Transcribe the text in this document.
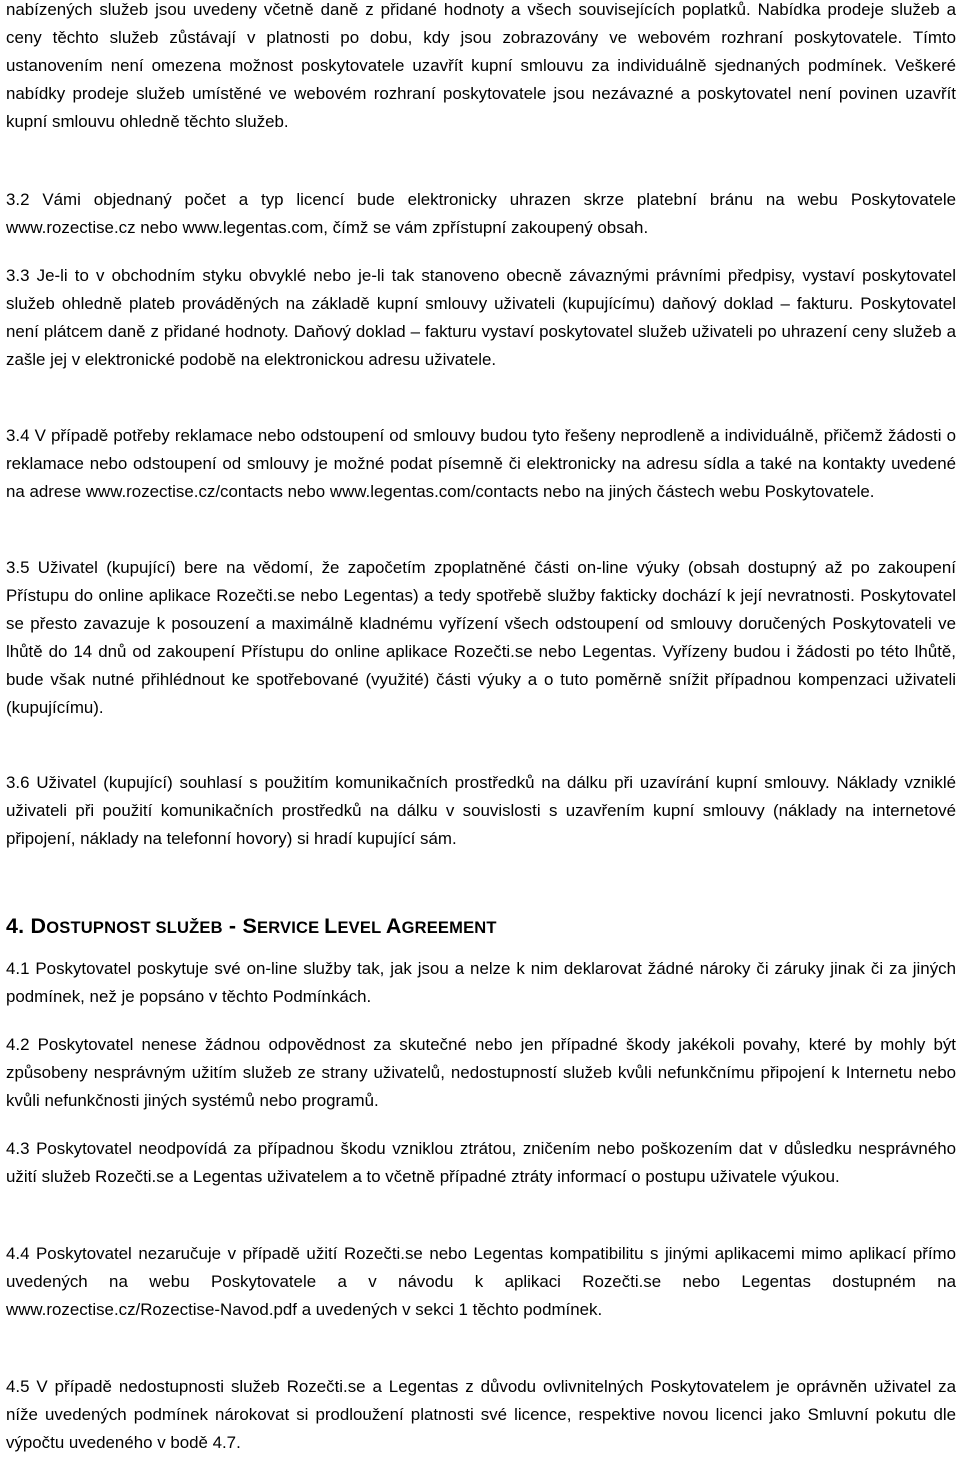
nabízených služeb jsou uvedeny včetně daně z přidané hodnoty a všech souvisejících poplatků. Nabídka prodeje služeb a ceny těchto služeb zůstávají v platnosti po dobu, kdy jsou zobrazovány ve webovém rozhraní poskytovatele. Tímto ustanovením není omezena možnost poskytovatele uzavřít kupní smlouvu za individuálně sjednaných podmínek. Veškeré nabídky prodeje služeb umístěné ve webovém rozhraní poskytovatele jsou nezávazné a poskytovatel není povinen uzavřít kupní smlouvu ohledně těchto služeb.

3.2 Vámi objednaný počet a typ licencí bude elektronicky uhrazen skrze platební bránu na webu Poskytovatele www.rozectise.cz nebo www.legentas.com, čímž se vám zpřístupní zakoupený obsah.

3.3 Je-li to v obchodním styku obvyklé nebo je-li tak stanoveno obecně závaznými právními předpisy, vystaví poskytovatel služeb ohledně plateb prováděných na základě kupní smlouvy uživateli (kupujícímu) daňový doklad – fakturu. Poskytovatel není plátcem daně z přidané hodnoty. Daňový doklad – fakturu vystaví poskytovatel služeb uživateli po uhrazení ceny služeb a zašle jej v elektronické podobě na elektronickou adresu uživatele.

3.4 V případě potřeby reklamace nebo odstoupení od smlouvy budou tyto řešeny neprodleně a individuálně, přičemž žádosti o reklamace nebo odstoupení od smlouvy je možné podat písemně či elektronicky na adresu sídla a také na kontakty uvedené na adrese www.rozectise.cz/contacts nebo www.legentas.com/contacts nebo na jiných částech webu Poskytovatele.

3.5 Uživatel (kupující) bere na vědomí, že započetím zpoplatněné části on-line výuky (obsah dostupný až po zakoupení Přístupu do online aplikace Rozečti.se nebo Legentas) a tedy spotřebě služby fakticky dochází k její nevratnosti. Poskytovatel se přesto zavazuje k posouzení a maximálně kladnému vyřízení všech odstoupení od smlouvy doručených Poskytovateli ve lhůtě do 14 dnů od zakoupení Přístupu do online aplikace Rozečti.se nebo Legentas. Vyřízeny budou i žádosti po této lhůtě, bude však nutné přihlédnout ke spotřebované (využité) části výuky a o tuto poměrně snížit případnou kompenzaci uživateli (kupujícímu).

3.6 Uživatel (kupující) souhlasí s použitím komunikačních prostředků na dálku při uzavírání kupní smlouvy. Náklady vzniklé uživateli při použití komunikačních prostředků na dálku v souvislosti s uzavřením kupní smlouvy (náklady na internetové připojení, náklady na telefonní hovory) si hradí kupující sám.

4. DOSTUPNOST SLUŽEB - SERVICE LEVEL AGREEMENT

4.1 Poskytovatel poskytuje své on-line služby tak, jak jsou a nelze k nim deklarovat žádné nároky či záruky jinak či za jiných podmínek, než je popsáno v těchto Podmínkách.

4.2 Poskytovatel nenese žádnou odpovědnost za skutečné nebo jen případné škody jakékoli povahy, které by mohly být způsobeny nesprávným užitím služeb ze strany uživatelů, nedostupností služeb kvůli nefunkčnímu připojení k Internetu nebo kvůli nefunkčnosti jiných systémů nebo programů.

4.3 Poskytovatel neodpovídá za případnou škodu vzniklou ztrátou, zničením nebo poškozením dat v důsledku nesprávného užití služeb Rozečti.se a Legentas uživatelem a to včetně případné ztráty informací o postupu uživatele výukou.

4.4 Poskytovatel nezaručuje v případě užití Rozečti.se nebo Legentas kompatibilitu s jinými aplikacemi mimo aplikací přímo uvedených na webu Poskytovatele a v návodu k aplikaci Rozečti.se nebo Legentas dostupném na www.rozectise.cz/Rozectise-Navod.pdf a uvedených v sekci 1 těchto podmínek.

4.5 V případě nedostupnosti služeb Rozečti.se a Legentas z důvodu ovlivnitelných Poskytovatelem je oprávněn uživatel za níže uvedených podmínek nárokovat si prodloužení platnosti své licence, respektive novou licenci jako Smluvní pokutu dle výpočtu uvedeného v bodě 4.7.
